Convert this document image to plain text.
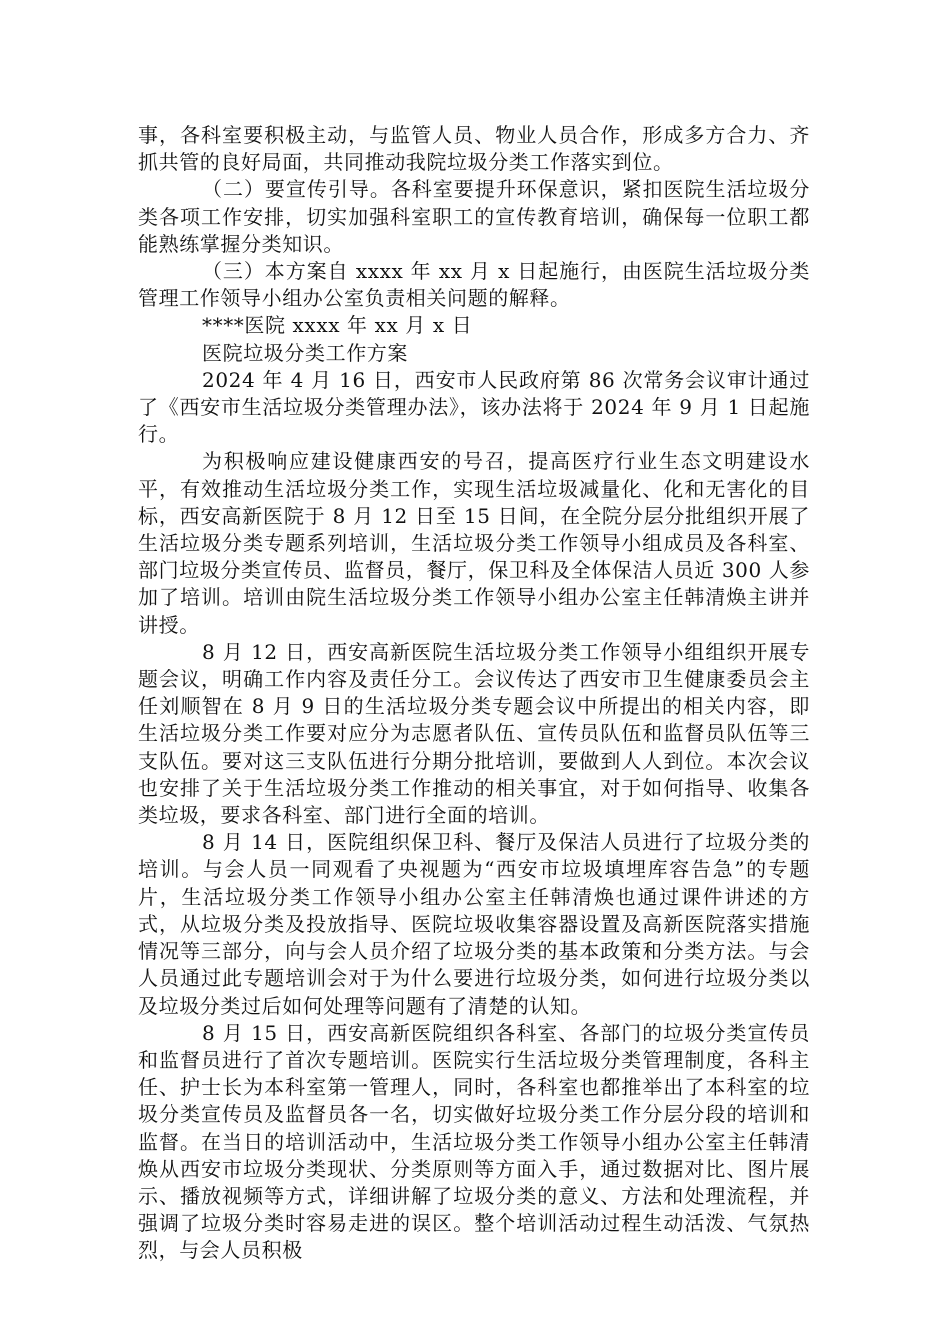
事，各科室要积极主动，与监管人员、物业人员合作，形成多方合力、齐抓共管的良好局面，共同推动我院垃圾分类工作落实到位。

（二）要宣传引导。各科室要提升环保意识，紧扣医院生活垃圾分类各项工作安排，切实加强科室职工的宣传教育培训，确保每一位职工都能熟练掌握分类知识。

（三）本方案自 xxxx 年 xx 月 x 日起施行，由医院生活垃圾分类管理工作领导小组办公室负责相关问题的解释。

****医院 xxxx 年 xx 月 x 日

医院垃圾分类工作方案

2024 年 4 月 16 日，西安市人民政府第 86 次常务会议审计通过了《西安市生活垃圾分类管理办法》，该办法将于 2024 年 9 月 1 日起施行。

为积极响应建设健康西安的号召，提高医疗行业生态文明建设水平，有效推动生活垃圾分类工作，实现生活垃圾减量化、化和无害化的目标，西安高新医院于 8 月 12 日至 15 日间，在全院分层分批组织开展了生活垃圾分类专题系列培训，生活垃圾分类工作领导小组成员及各科室、部门垃圾分类宣传员、监督员，餐厅，保卫科及全体保洁人员近 300 人参加了培训。培训由院生活垃圾分类工作领导小组办公室主任韩清焕主讲并讲授。

8 月 12 日，西安高新医院生活垃圾分类工作领导小组组织开展专题会议，明确工作内容及责任分工。会议传达了西安市卫生健康委员会主任刘顺智在 8 月 9 日的生活垃圾分类专题会议中所提出的相关内容，即生活垃圾分类工作要对应分为志愿者队伍、宣传员队伍和监督员队伍等三支队伍。要对这三支队伍进行分期分批培训，要做到人人到位。本次会议也安排了关于生活垃圾分类工作推动的相关事宜，对于如何指导、收集各类垃圾，要求各科室、部门进行全面的培训。

8 月 14 日，医院组织保卫科、餐厅及保洁人员进行了垃圾分类的培训。与会人员一同观看了央视题为“西安市垃圾填埋库容告急”的专题片，生活垃圾分类工作领导小组办公室主任韩清焕也通过课件讲述的方式，从垃圾分类及投放指导、医院垃圾收集容器设置及高新医院落实措施情况等三部分，向与会人员介绍了垃圾分类的基本政策和分类方法。与会人员通过此专题培训会对于为什么要进行垃圾分类，如何进行垃圾分类以及垃圾分类过后如何处理等问题有了清楚的认知。

8 月 15 日，西安高新医院组织各科室、各部门的垃圾分类宣传员和监督员进行了首次专题培训。医院实行生活垃圾分类管理制度，各科主任、护士长为本科室第一管理人，同时，各科室也都推举出了本科室的垃圾分类宣传员及监督员各一名，切实做好垃圾分类工作分层分段的培训和监督。在当日的培训活动中，生活垃圾分类工作领导小组办公室主任韩清焕从西安市垃圾分类现状、分类原则等方面入手，通过数据对比、图片展示、播放视频等方式，详细讲解了垃圾分类的意义、方法和处理流程，并强调了垃圾分类时容易走进的误区。整个培训活动过程生动活泼、气氛热烈，与会人员积极
